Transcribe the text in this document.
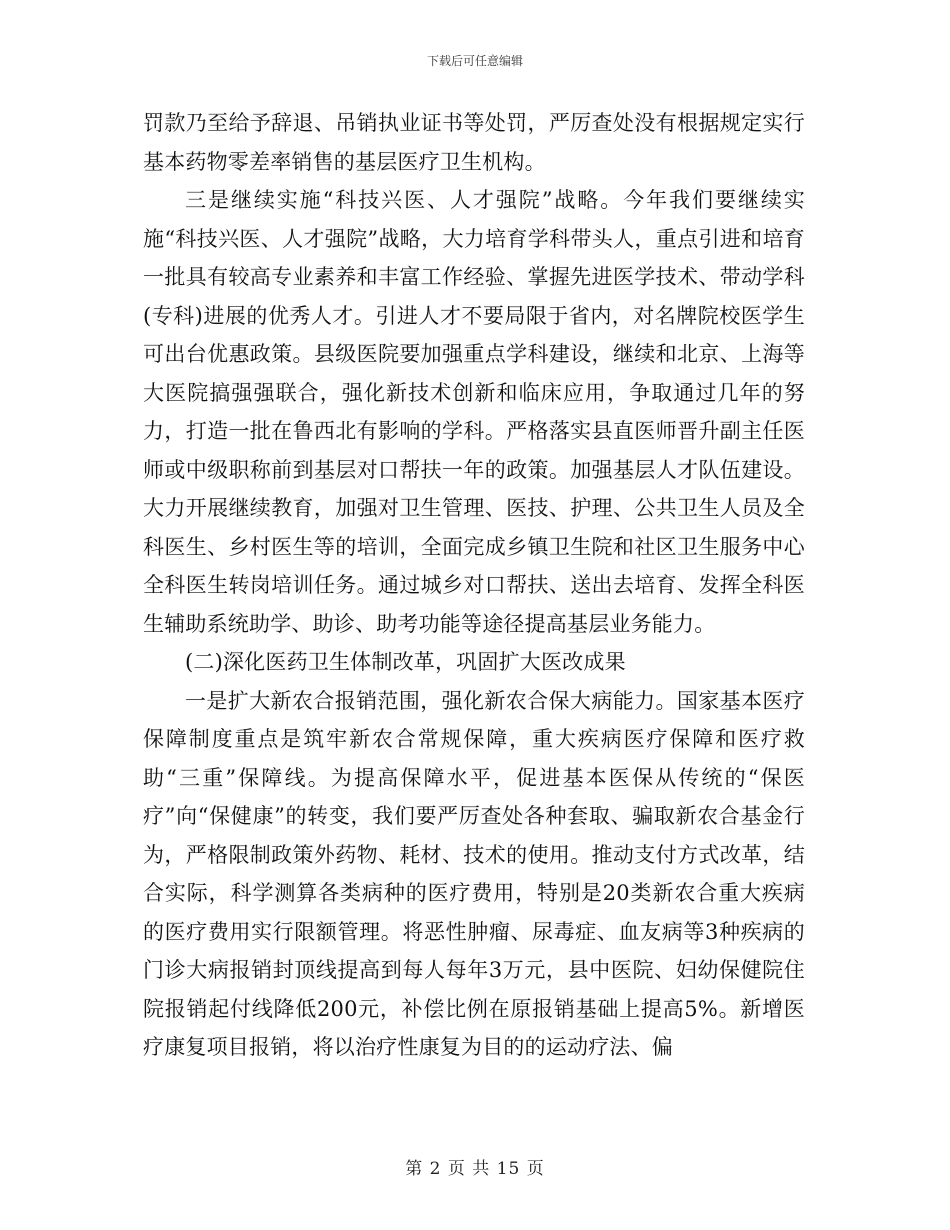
下载后可任意编辑

罚款乃至给予辞退、吊销执业证书等处罚，严厉查处没有根据规定实行基本药物零差率销售的基层医疗卫生机构。

三是继续实施“科技兴医、人才强院”战略。今年我们要继续实施“科技兴医、人才强院”战略，大力培育学科带头人，重点引进和培育一批具有较高专业素养和丰富工作经验、掌握先进医学技术、带动学科(专科)进展的优秀人才。引进人才不要局限于省内，对名牌院校医学生可出台优惠政策。县级医院要加强重点学科建设，继续和北京、上海等大医院搞强强联合，强化新技术创新和临床应用，争取通过几年的努力，打造一批在鲁西北有影响的学科。严格落实县直医师晋升副主任医师或中级职称前到基层对口帮扶一年的政策。加强基层人才队伍建设。大力开展继续教育，加强对卫生管理、医技、护理、公共卫生人员及全科医生、乡村医生等的培训，全面完成乡镇卫生院和社区卫生服务中心全科医生转岗培训任务。通过城乡对口帮扶、送出去培育、发挥全科医生辅助系统助学、助诊、助考功能等途径提高基层业务能力。

(二)深化医药卫生体制改革，巩固扩大医改成果

一是扩大新农合报销范围，强化新农合保大病能力。国家基本医疗保障制度重点是筑牢新农合常规保障，重大疾病医疗保障和医疗救助“三重”保障线。为提高保障水平，促进基本医保从传统的“保医疗”向“保健康”的转变，我们要严厉查处各种套取、骗取新农合基金行为，严格限制政策外药物、耗材、技术的使用。推动支付方式改革，结合实际，科学测算各类病种的医疗费用，特别是20类新农合重大疾病的医疗费用实行限额管理。将恶性肿瘤、尿毒症、血友病等3种疾病的门诊大病报销封顶线提高到每人每年3万元，县中医院、妇幼保健院住院报销起付线降低200元，补偿比例在原报销基础上提高5%。新增医疗康复项目报销，将以治疗性康复为目的的运动疗法、偏

第 2 页 共 15 页
